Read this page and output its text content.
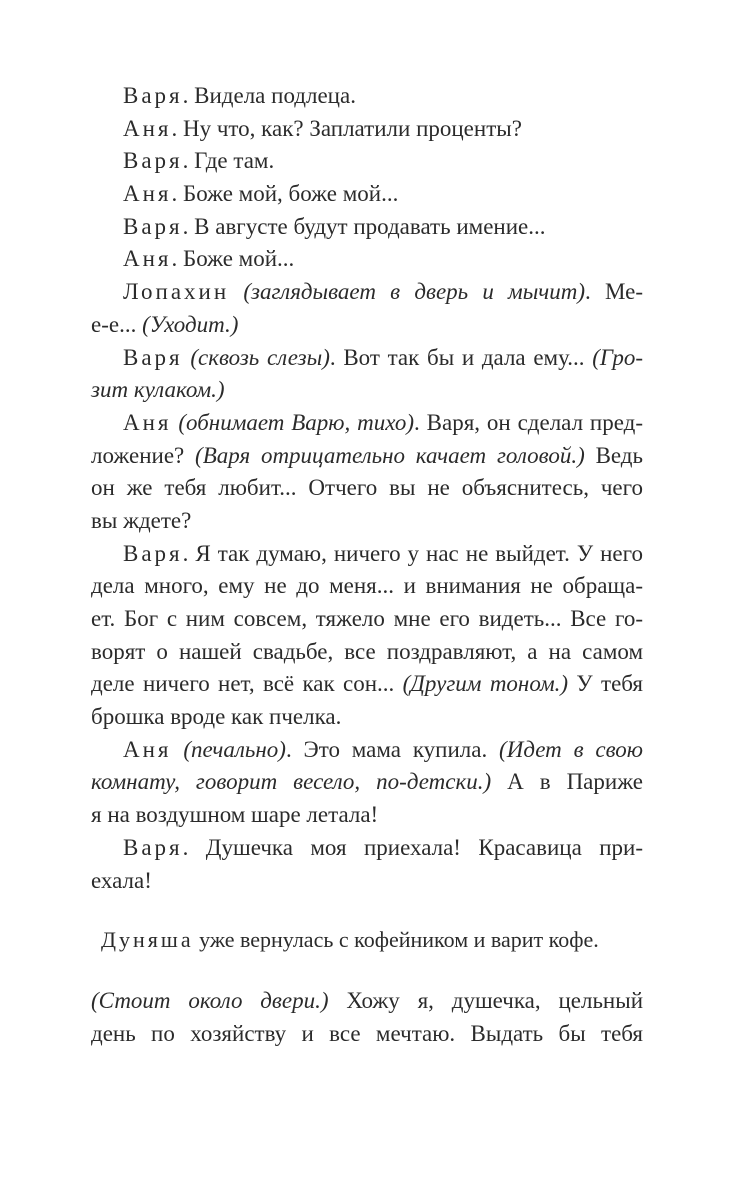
Варя. Видела подлеца.

Аня. Ну что, как? Заплатили проценты?

Варя. Где там.

Аня. Боже мой, боже мой...

Варя. В августе будут продавать имение...

Аня. Боже мой...

Лопахин (заглядывает в дверь и мычит). Ме-

е-е... (Уходит.)

Варя (сквозь слезы). Вот так бы и дала ему... (Гро-

зит кулаком.)

Аня (обнимает Варю, тихо). Варя, он сделал пред-

ложение? (Варя отрицательно качает головой.) Ведь

он же тебя любит... Отчего вы не объяснитесь, чего

вы ждете?

Варя. Я так думаю, ничего у нас не выйдет. У него

дела много, ему не до меня... и внимания не обраща-

ет. Бог с ним совсем, тяжело мне его видеть... Все го-

ворят о нашей свадьбе, все поздравляют, а на самом

деле ничего нет, всё как сон... (Другим тоном.) У тебя

брошка вроде как пчелка.

Аня (печально). Это мама купила. (Идет в свою

комнату, говорит весело, по-детски.) А в Париже

я на воздушном шаре летала!

Варя. Душечка моя приехала! Красавица при-

ехала!

Дуняша уже вернулась с кофейником и варит кофе.

(Стоит около двери.) Хожу я, душечка, цельный

день по хозяйству и все мечтаю. Выдать бы тебя
